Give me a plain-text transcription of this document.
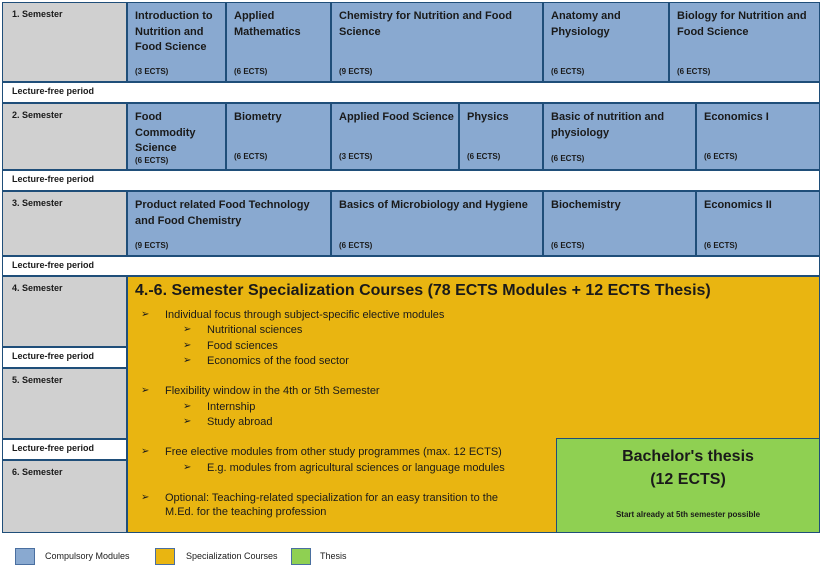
1. Semester
Lecture-free period
2. Semester
Lecture-free period
3. Semester
Lecture-free period
4. Semester
Lecture-free period
5. Semester
Lecture-free period
6. Semester
Introduction to Nutrition and Food Science
(3 ECTS)
Applied Mathematics
(6 ECTS)
Chemistry for Nutrition and Food Science
(9 ECTS)
Anatomy and Physiology
(6 ECTS)
Biology for Nutrition and Food Science
(6 ECTS)
Food Commodity Science
(6 ECTS)
Biometry
(6 ECTS)
Applied Food Science
(3 ECTS)
Physics
(6 ECTS)
Basic of nutrition and physiology
(6 ECTS)
Economics I
(6 ECTS)
Product related Food Technology and Food Chemistry
(9 ECTS)
Basics of Microbiology and Hygiene
(6 ECTS)
Biochemistry
(6 ECTS)
Economics II
(6 ECTS)
4.-6. Semester Specialization Courses (78 ECTS Modules + 12 ECTS Thesis)
➢ Individual focus through subject-specific elective modules
➢ Nutritional sciences
➢ Food sciences
➢ Economics of the food sector
➢ Flexibility window in the 4th or 5th Semester
➢ Internship
➢ Study abroad
➢ Free elective modules from other study programmes (max. 12 ECTS)
➢ E.g. modules from agricultural sciences or language modules
➢ Optional: Teaching-related specialization for an easy transition to the
M.Ed. for the teaching profession
Bachelor's thesis
(12 ECTS)
Start already at 5th semester possible
Compulsory Modules	Specialization Courses	Thesis
